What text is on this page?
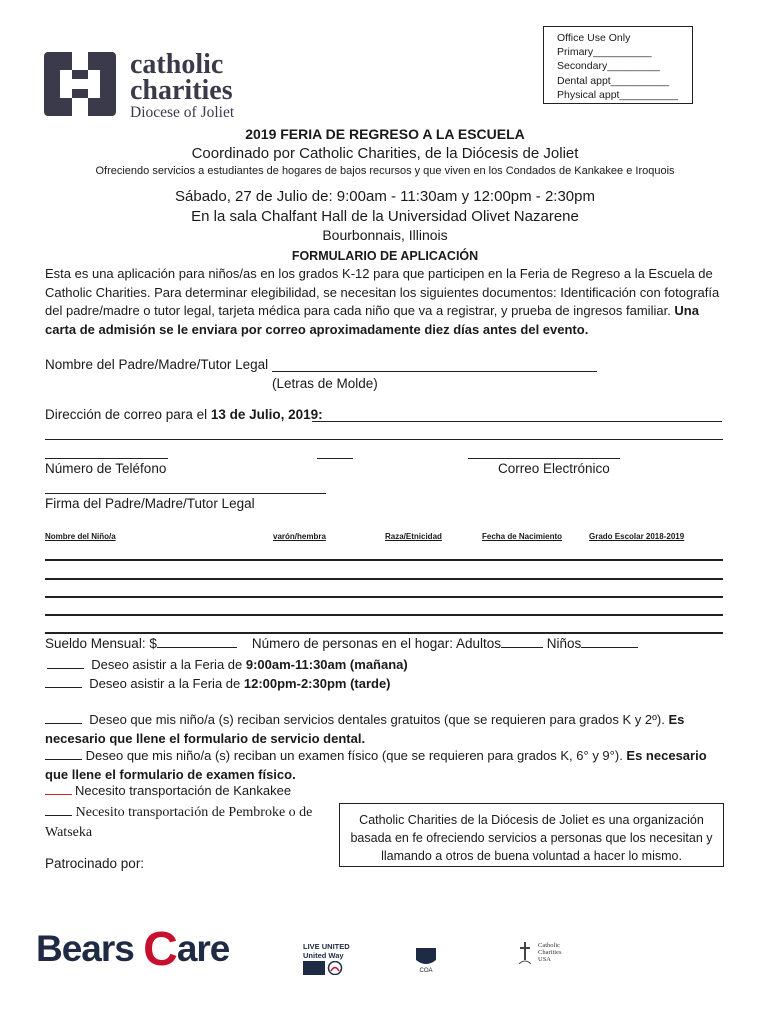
Office Use Only
Primary__________
Secondary_________
Dental appt__________
Physical appt__________
catholic
charities
Diocese of Joliet
2019 FERIA DE REGRESO A LA ESCUELA
Coordinado por Catholic Charities, de la Diócesis de Joliet
Ofreciendo servicios a estudiantes de hogares de bajos recursos y que viven en los Condados de Kankakee e Iroquois
Sábado, 27 de Julio de: 9:00am - 11:30am y 12:00pm - 2:30pm
En la sala Chalfant Hall de la Universidad Olivet Nazarene
Bourbonnais, Illinois
FORMULARIO DE APLICACIÓN
Esta es una aplicación para niños/as en los grados K-12 para que participen en la Feria de Regreso a la Escuela de Catholic Charities. Para determinar elegibilidad, se necesitan los siguientes documentos: Identificación con fotografía del padre/madre o tutor legal, tarjeta médica para cada niño que va a registrar, y prueba de ingresos familiar. Una carta de admisión se le enviara por correo aproximadamente diez días antes del evento.
Nombre del Padre/Madre/Tutor Legal
(Letras de Molde)
Dirección de correo para el 13 de Julio, 2019:
Número de Teléfono	Correo Electrónico
Firma del Padre/Madre/Tutor Legal
Nombre del Niño/a	varón/hembra	Raza/Etnicidad	Fecha de Nacimiento	Grado Escolar 2018-2019
Sueldo Mensual: $	Número de personas en el hogar: Adultos	Niños
Deseo asistir a la Feria de 9:00am-11:30am (mañana)
Deseo asistir a la Feria de 12:00pm-2:30pm (tarde)
Deseo que mis niño/a (s) reciban servicios dentales gratuitos (que se requieren para grados K y 2º). Es necesario que llene el formulario de servicio dental.
Deseo que mis niño/a (s) reciban un examen físico (que se requieren para grados K, 6° y 9°). Es necesario que llene el formulario de examen físico.
Necesito transportación de Kankakee
Necesito transportación de Pembroke o de Watseka
Catholic Charities de la Diócesis de Joliet es una organización basada en fe ofreciendo servicios a personas que los necesitan y llamando a otros de buena voluntad a hacer lo mismo.
Patrocinado por:
Bears Care	LIVE UNITED United Way
COA
Catholic Charities USA
